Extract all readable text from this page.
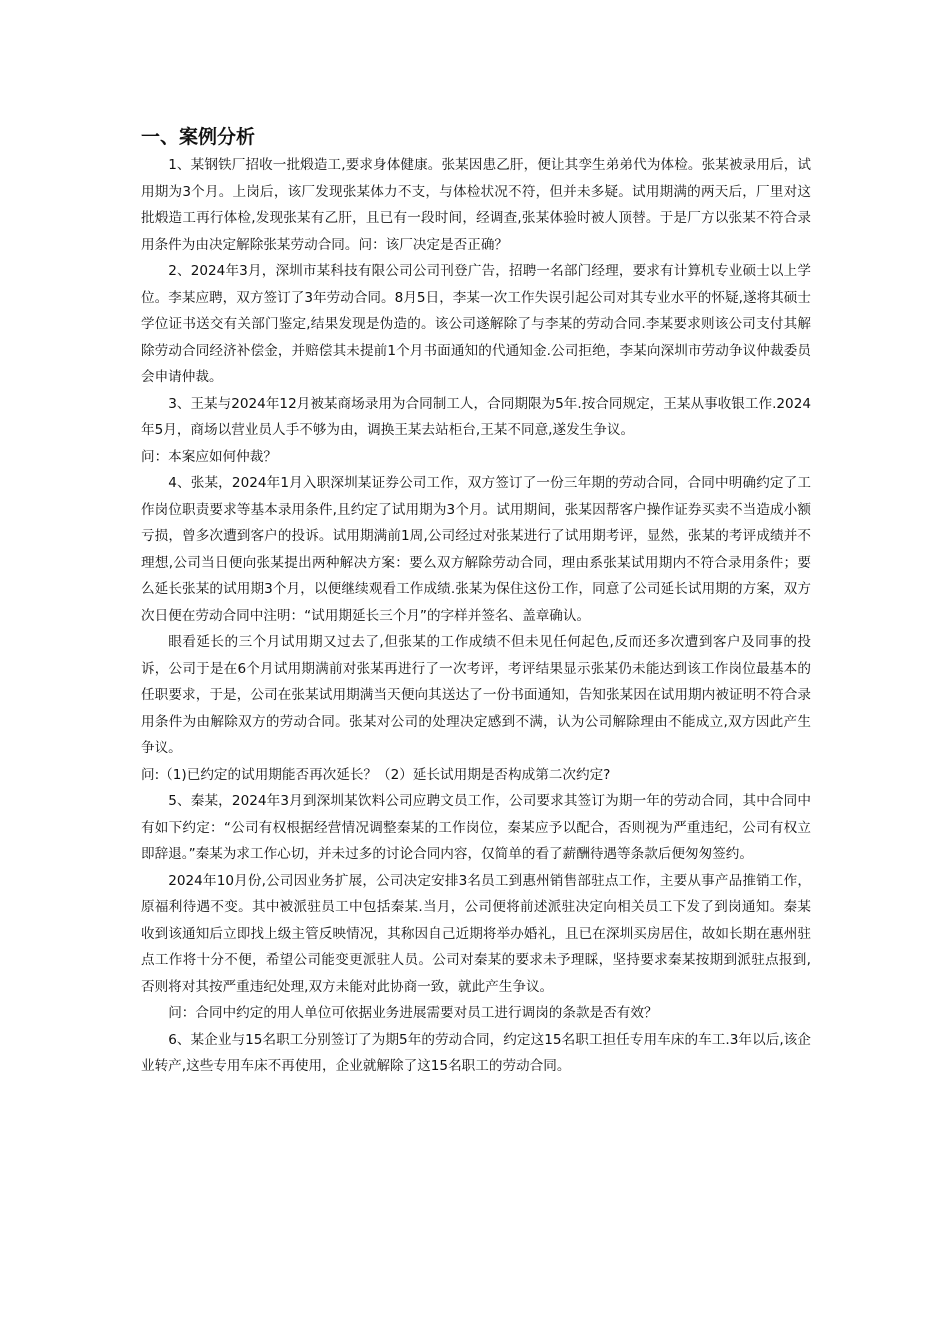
一、案例分析

1、某钢铁厂招收一批煅造工,要求身体健康。张某因患乙肝，便让其孪生弟弟代为体检。张某被录用后，试用期为3个月。上岗后，该厂发现张某体力不支，与体检状况不符，但并未多疑。试用期满的两天后，厂里对这批煅造工再行体检,发现张某有乙肝，且已有一段时间，经调查,张某体验时被人顶替。于是厂方以张某不符合录用条件为由决定解除张某劳动合同。问：该厂决定是否正确？

2、2024年3月，深圳市某科技有限公司公司刊登广告，招聘一名部门经理，要求有计算机专业硕士以上学位。李某应聘，双方签订了3年劳动合同。8月5日，李某一次工作失误引起公司对其专业水平的怀疑,遂将其硕士学位证书送交有关部门鉴定,结果发现是伪造的。该公司遂解除了与李某的劳动合同.李某要求则该公司支付其解除劳动合同经济补偿金，并赔偿其未提前1个月书面通知的代通知金.公司拒绝，李某向深圳市劳动争议仲裁委员会申请仲裁。

3、王某与2024年12月被某商场录用为合同制工人，合同期限为5年.按合同规定，王某从事收银工作.2024年5月，商场以营业员人手不够为由，调换王某去站柜台,王某不同意,遂发生争议。

问：本案应如何仲裁？

4、张某，2024年1月入职深圳某证券公司工作，双方签订了一份三年期的劳动合同，合同中明确约定了工作岗位职责要求等基本录用条件,且约定了试用期为3个月。试用期间，张某因帮客户操作证券买卖不当造成小额亏损，曾多次遭到客户的投诉。试用期满前1周,公司经过对张某进行了试用期考评，显然，张某的考评成绩并不理想,公司当日便向张某提出两种解决方案：要么双方解除劳动合同，理由系张某试用期内不符合录用条件；要么延长张某的试用期3个月，以便继续观看工作成绩.张某为保住这份工作，同意了公司延长试用期的方案，双方次日便在劳动合同中注明：“试用期延长三个月”的字样并签名、盖章确认。

眼看延长的三个月试用期又过去了,但张某的工作成绩不但未见任何起色,反而还多次遭到客户及同事的投诉，公司于是在6个月试用期满前对张某再进行了一次考评，考评结果显示张某仍未能达到该工作岗位最基本的任职要求，于是，公司在张某试用期满当天便向其送达了一份书面通知，告知张某因在试用期内被证明不符合录用条件为由解除双方的劳动合同。张某对公司的处理决定感到不满，认为公司解除理由不能成立,双方因此产生争议。

问:（1)已约定的试用期能否再次延长？（2）延长试用期是否构成第二次约定?

5、秦某，2024年3月到深圳某饮料公司应聘文员工作，公司要求其签订为期一年的劳动合同，其中合同中有如下约定：“公司有权根据经营情况调整秦某的工作岗位，秦某应予以配合，否则视为严重违纪，公司有权立即辞退。”秦某为求工作心切，并未过多的讨论合同内容，仅简单的看了薪酬待遇等条款后便匆匆签约。

2024年10月份,公司因业务扩展，公司决定安排3名员工到惠州销售部驻点工作，主要从事产品推销工作，原福利待遇不变。其中被派驻员工中包括秦某.当月，公司便将前述派驻决定向相关员工下发了到岗通知。秦某收到该通知后立即找上级主管反映情况，其称因自己近期将举办婚礼，且已在深圳买房居住，故如长期在惠州驻点工作将十分不便，希望公司能变更派驻人员。公司对秦某的要求未予理睬，坚持要求秦某按期到派驻点报到,否则将对其按严重违纪处理,双方未能对此协商一致，就此产生争议。

问：合同中约定的用人单位可依据业务进展需要对员工进行调岗的条款是否有效？

6、某企业与15名职工分别签订了为期5年的劳动合同，约定这15名职工担任专用车床的车工.3年以后,该企业转产,这些专用车床不再使用，企业就解除了这15名职工的劳动合同。
